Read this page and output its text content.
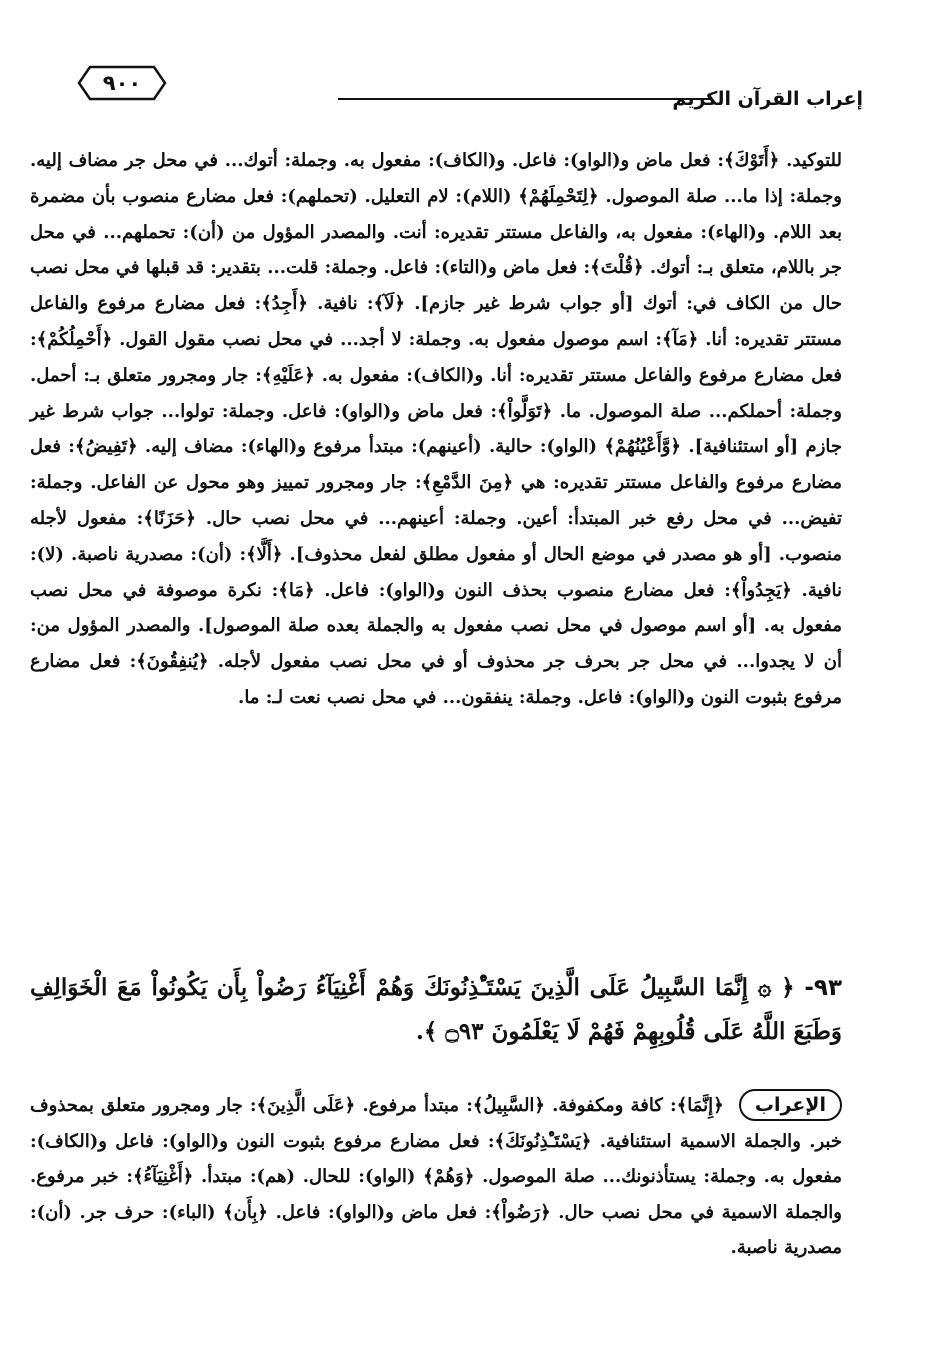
إعراب القرآن الكريم
٩٠٠

للتوكيد. ﴿أَتَوْكَ﴾: فعل ماض و(الواو): فاعل. و(الكاف): مفعول به. وجملة: أتوك... في محل جر مضاف إليه. وجملة: إذا ما... صلة الموصول. ﴿لِتَحْمِلَهُمْ﴾ (اللام): لام التعليل. (تحملهم): فعل مضارع منصوب بأن مضمرة بعد اللام. و(الهاء): مفعول به، والفاعل مستتر تقديره: أنت. والمصدر المؤول من (أن): تحملهم... في محل جر باللام، متعلق بـ: أتوك. ﴿قُلْتَ﴾: فعل ماض و(التاء): فاعل. وجملة: قلت... بتقدير: قد قبلها في محل نصب حال من الكاف في: أتوك [أو جواب شرط غير جازم]. ﴿لَآ﴾: نافية. ﴿أَجِدُ﴾: فعل مضارع مرفوع والفاعل مستتر تقديره: أنا. ﴿مَآ﴾: اسم موصول مفعول به. وجملة: لا أجد... في محل نصب مقول القول. ﴿أَحْمِلُكُمْ﴾: فعل مضارع مرفوع والفاعل مستتر تقديره: أنا. و(الكاف): مفعول به. ﴿عَلَيْهِ﴾: جار ومجرور متعلق بـ: أحمل. وجملة: أحملكم... صلة الموصول. ما. ﴿تَوَلَّواْ﴾: فعل ماض و(الواو): فاعل. وجملة: تولوا... جواب شرط غير جازم [أو استئنافية]. ﴿وَّأَعْيُنُهُمْ﴾ (الواو): حالية. (أعينهم): مبتدأ مرفوع و(الهاء): مضاف إليه. ﴿تَفِيضُ﴾: فعل مضارع مرفوع والفاعل مستتر تقديره: هي ﴿مِنَ الدَّمْعِ﴾: جار ومجرور تمييز وهو محول عن الفاعل. وجملة: تفيض... في محل رفع خبر المبتدأ: أعين. وجملة: أعينهم... في محل نصب حال. ﴿حَزَنًا﴾: مفعول لأجله منصوب. [أو هو مصدر في موضع الحال أو مفعول مطلق لفعل محذوف]. ﴿أَلَّا﴾: (أن): مصدرية ناصبة. (لا): نافية. ﴿يَجِدُواْ﴾: فعل مضارع منصوب بحذف النون و(الواو): فاعل. ﴿مَا﴾: نكرة موصوفة في محل نصب مفعول به. [أو اسم موصول في محل نصب مفعول به والجملة بعده صلة الموصول]. والمصدر المؤول من: أن لا يجدوا... في محل جر بحرف جر محذوف أو في محل نصب مفعول لأجله. ﴿يُنفِقُونَ﴾: فعل مضارع مرفوع بثبوت النون و(الواو): فاعل. وجملة: ينفقون... في محل نصب نعت لـ: ما.

٩٣- ﴿ ۞ إِنَّمَا السَّبِيلُ عَلَى الَّذِينَ يَسْتَـْٔذِنُونَكَ وَهُمْ أَغْنِيَآءُ رَضُواْ بِأَن يَكُونُواْ مَعَ الْخَوَالِفِ وَطَبَعَ اللَّهُ عَلَى قُلُوبِهِمْ فَهُمْ لَا يَعْلَمُونَ ۝٩٣ ﴾.
الإعراب ﴿إِنَّمَا﴾: كافة ومكفوفة. ﴿السَّبِيلُ﴾: مبتدأ مرفوع. ﴿عَلَى الَّذِينَ﴾: جار ومجرور متعلق بمحذوف خبر. والجملة الاسمية استئنافية. ﴿يَسْتَـْٔذِنُونَكَ﴾: فعل مضارع مرفوع بثبوت النون و(الواو): فاعل و(الكاف): مفعول به. وجملة: يستأذنونك... صلة الموصول. ﴿وَهُمْ﴾ (الواو): للحال. (هم): مبتدأ. ﴿أَغْنِيَآءُ﴾: خبر مرفوع. والجملة الاسمية في محل نصب حال. ﴿رَضُواْ﴾: فعل ماض و(الواو): فاعل. ﴿بِأَن﴾ (الباء): حرف جر. (أن): مصدرية ناصبة.
